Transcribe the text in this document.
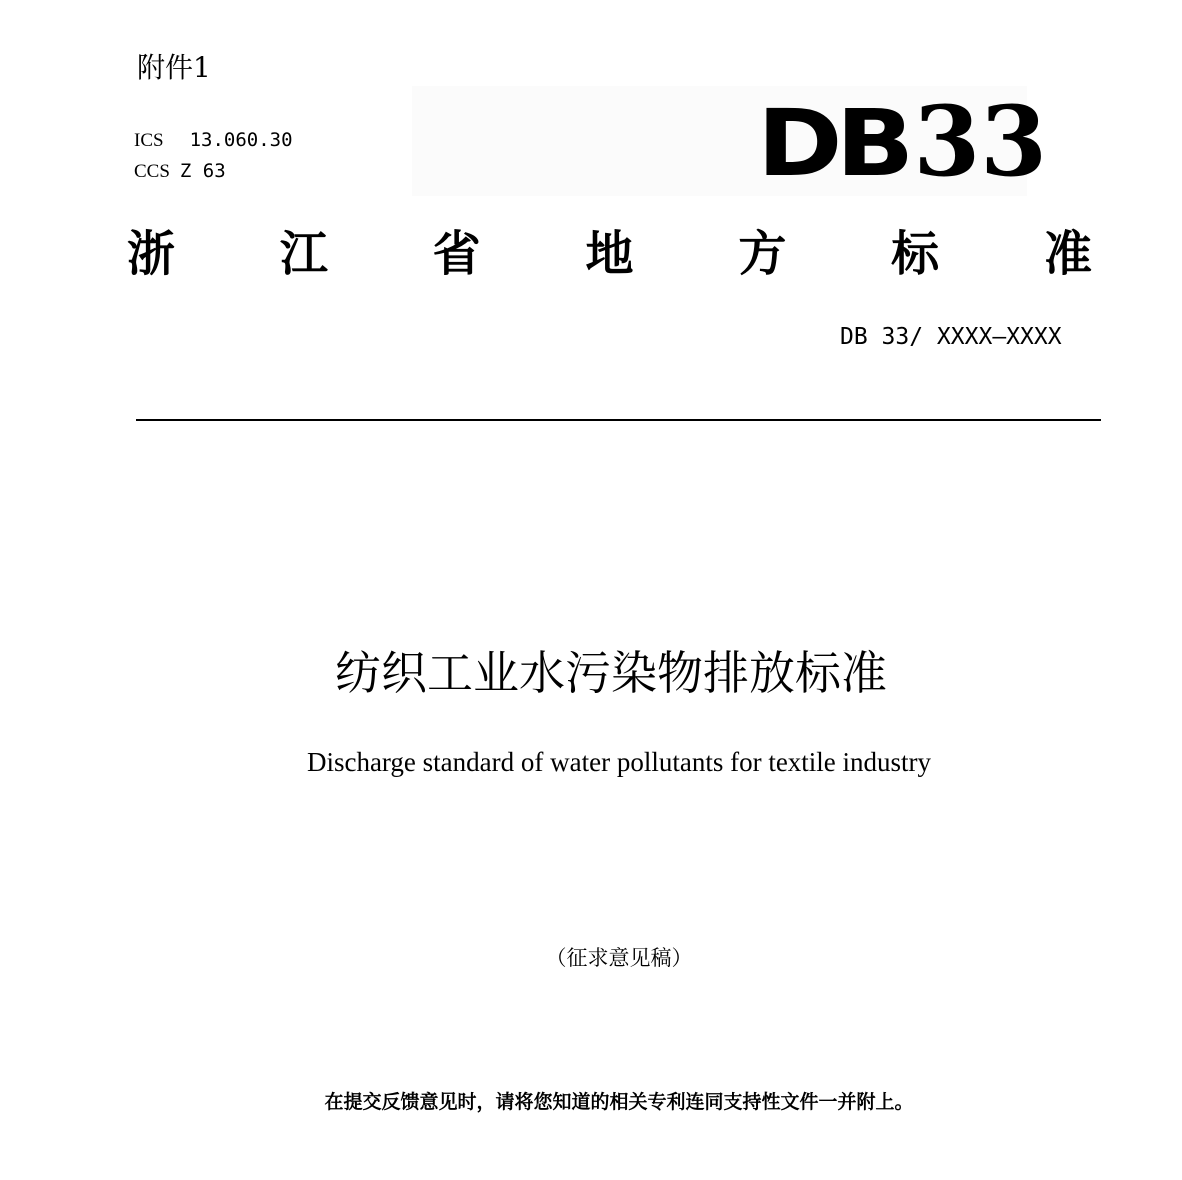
附件1
DB33
ICS 13.060.30
CCS Z 63
浙 江 省 地 方 标 准
DB 33/ XXXX—XXXX
纺织工业水污染物排放标准
Discharge standard of water pollutants for textile industry
（征求意见稿）
在提交反馈意见时，请将您知道的相关专利连同支持性文件一并附上。
